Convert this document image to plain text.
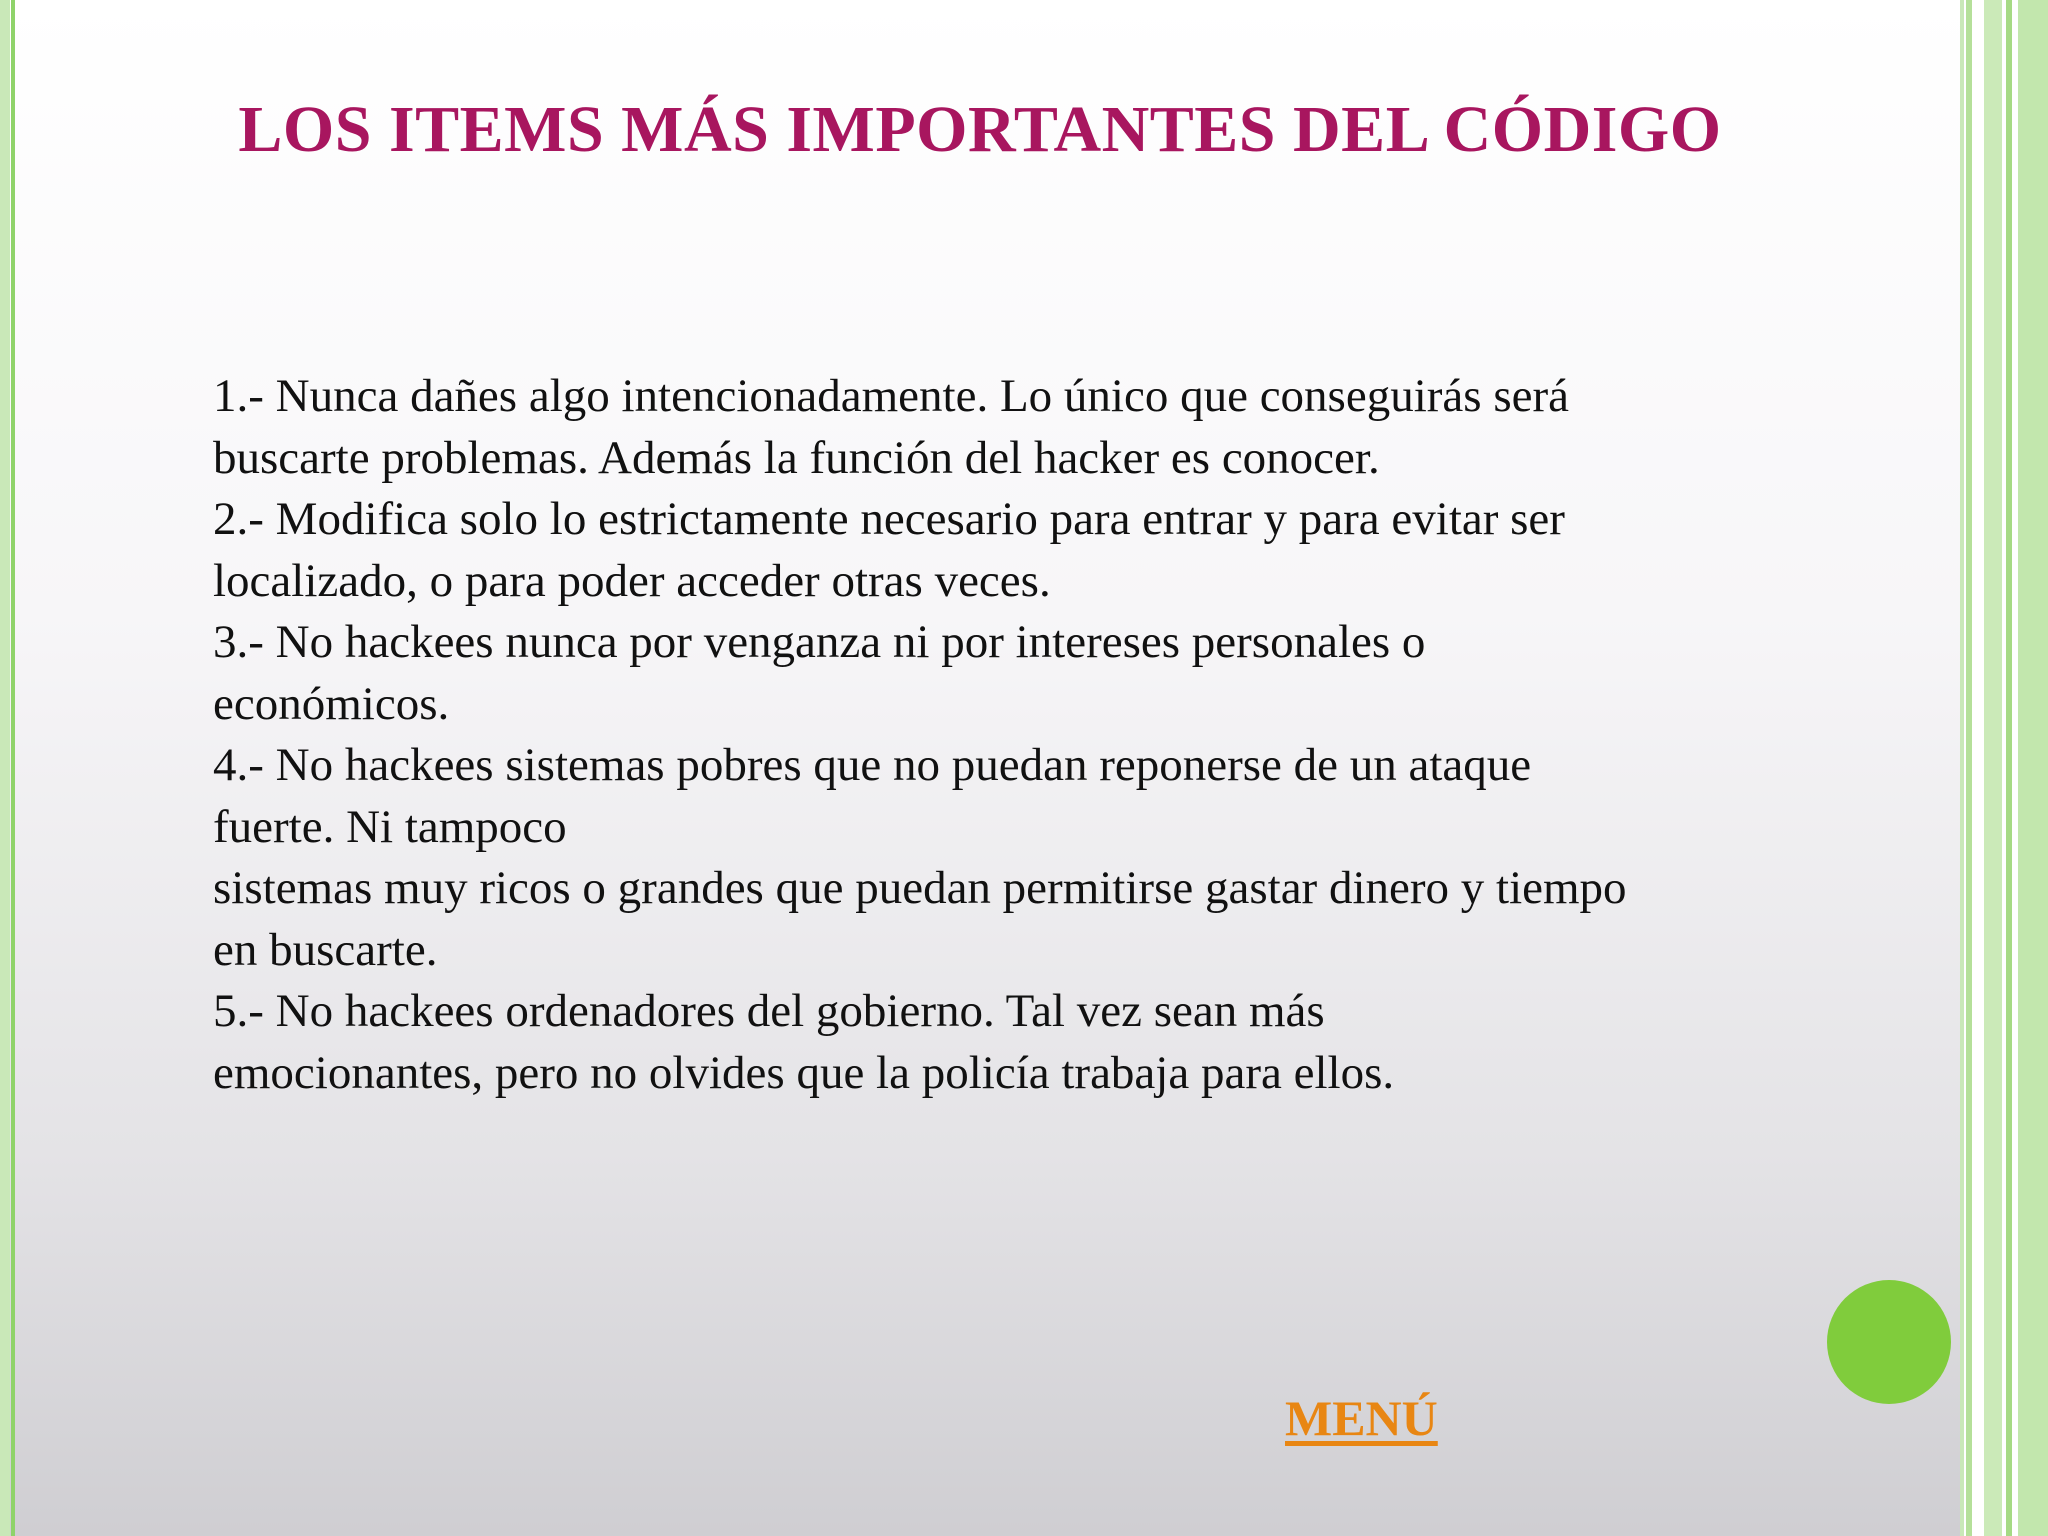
LOS ITEMS MÁS IMPORTANTES DEL CÓDIGO
1.- Nunca dañes algo intencionadamente. Lo único que conseguirás será
buscarte problemas. Además la función del hacker es conocer.
2.- Modifica solo lo estrictamente necesario para entrar y para evitar ser
localizado, o para poder acceder otras veces.
3.- No hackees nunca por venganza ni por intereses personales o
económicos.
4.- No hackees sistemas pobres que no puedan reponerse de un ataque
fuerte. Ni tampoco
sistemas muy ricos o grandes que puedan permitirse gastar dinero y tiempo
en buscarte.
5.- No hackees ordenadores del gobierno. Tal vez sean más
emocionantes, pero no olvides que la policía trabaja para ellos.
MENÚ
